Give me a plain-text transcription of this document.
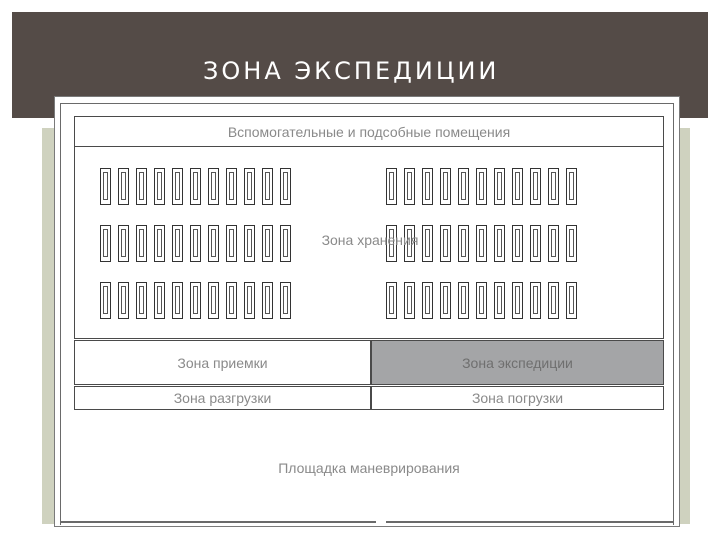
ЗОНА ЭКСПЕДИЦИИ
Вспомогательные и подсобные помещения
Зона хранения
Зона приемки	Зона экспедиции
Зона разгрузки	Зона погрузки
Площадка маневрирования
